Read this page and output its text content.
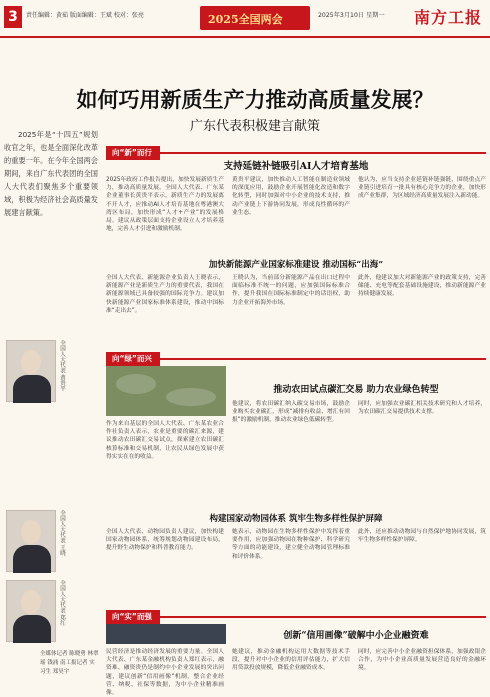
3	责任编辑：黄茹 版面编辑：王斌 校对：张亮	2025全国两会	2025年3月10日 星期一 南方工报
如何巧用新质生产力推动高质量发展？
广东代表积极建言献策
2025年是“十四五”规划收官之年，也是全面深化改革的重要一年。在今年全国两会期间，来自广东代表团的全国人大代表们聚焦多个重要领域，积极为经济社会高质量发展建言献策。
全国人大代表 黄贵平
全国人大代表 王晓
全国人大代表 郑红
全媒体记者 陈晓勇 林翠瑶 钱涌 南工报记者 实习生 郑昊宇
向“新”而行
支持延链补链吸引AI人才培育基地
2025年政府工作报告提出，加快发展新质生产力，推动高质量发展。全国人大代表、广东某企业董事长黄贵平表示，新质生产力的发展离不开人才，应推动AI人才培育基地在粤港澳大湾区布局，加快形成“人才+产业”的发展格局。建议从政策层面支持企业设立人才培养基地，完善人才引进和激励机制。
黄贵平建议，加快推动人工智能在制造业领域的深度应用，鼓励企业开展智能化改造和数字化转型，同时加强对中小企业的技术支持，推动产业链上下游协同发展，形成良性循环的产业生态。
他认为，应当支持企业延链补链强链，围绕重点产业链引进培育一批具有核心竞争力的企业，加快形成产业集群，为区域经济高质量发展注入新动能。
加快新能源产业国家标准建设 推动国标“出海”
全国人大代表、新能源企业负责人王晓表示，新能源产业是新质生产力的重要代表，我国在新能源领域已具备较强的国际竞争力。建议加快新能源产业国家标准体系建设，推动中国标准“走出去”。
王晓认为，当前部分新能源产品在出口过程中面临标准不统一的问题，应加强国际标准合作，提升我国在国际标准制定中的话语权，助力企业开拓海外市场。
此外，他建议加大对新能源产业的政策支持，完善储能、充电等配套基础设施建设，推动新能源产业持续健康发展。
向“绿”而兴
推动农田试点碳汇交易 助力农业绿色转型
作为来自基层的全国人大代表、广东某农业合作社负责人表示，农业是重要的碳汇来源，建议推动农田碳汇交易试点，探索建立农田碳汇核算标准和交易机制，让农民从绿色发展中获得实实在在的收益。
他建议，将农田碳汇纳入碳交易市场，鼓励企业购买农业碳汇，形成“减排有收益、增汇有回报”的激励机制，推动农业绿色低碳转型。
同时，应加强农业碳汇相关技术研究和人才培养，为农田碳汇交易提供技术支撑。
构建国家动物园体系 筑牢生物多样性保护屏障
全国人大代表、动物园负责人建议，加快构建国家动物园体系，统筹规划动物园建设布局，提升野生动物保护和科普教育能力。
她表示，动物园在生物多样性保护中发挥着重要作用，应加强动物园在物种保护、科学研究等方面的功能建设，建立健全动物园管理标准和评价体系。
此外，还应推动动物园与自然保护地协同发展，筑牢生物多样性保护屏障。
向“实”而强
创新“信用画像”破解中小企业融资难
民营经济是推动经济发展的重要力量。全国人大代表、广东某金融机构负责人郑红表示，融资难、融资贵仍是制约中小企业发展的突出问题，建议创新“信用画像”机制，整合企业经营、纳税、社保等数据，为中小企业精准画像。
她建议，推动金融机构运用大数据等技术手段，提升对中小企业的信用评估能力，扩大信用贷款投放规模，降低企业融资成本。
同时，应完善中小企业融资担保体系，加强政银企合作，为中小企业高质量发展营造良好的金融环境。
